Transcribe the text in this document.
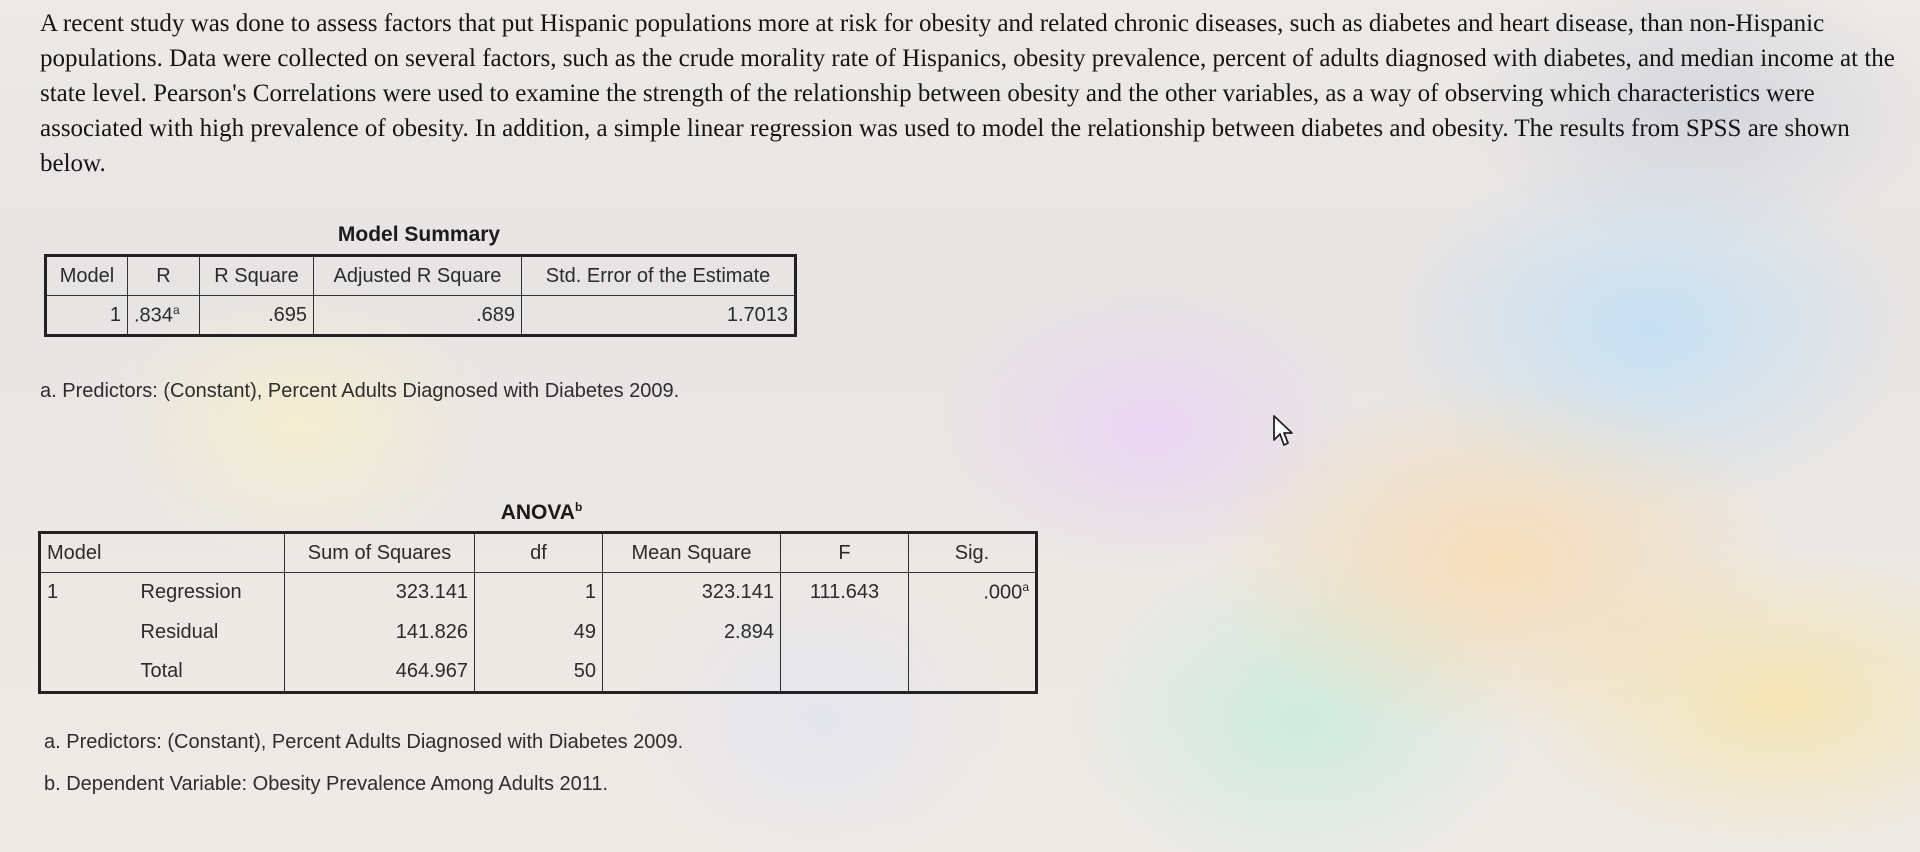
A recent study was done to assess factors that put Hispanic populations more at risk for obesity and related chronic diseases, such as diabetes and heart disease, than non-Hispanic populations. Data were collected on several factors, such as the crude morality rate of Hispanics, obesity prevalence, percent of adults diagnosed with diabetes, and median income at the state level. Pearson's Correlations were used to examine the strength of the relationship between obesity and the other variables, as a way of observing which characteristics were associated with high prevalence of obesity. In addition, a simple linear regression was used to model the relationship between diabetes and obesity. The results from SPSS are shown below.

Model Summary
Model	R	R Square	Adjusted R Square	Std. Error of the Estimate
1	.834$^a$	.695	.689	1.7013
a. Predictors: (Constant), Percent Adults Diagnosed with Diabetes 2009.
ANOVA$^b$
Model		Sum of Squares	df	Mean Square	F	Sig.
1	Regression	323.141	1	323.141	111.643	.000$^a$
	Residual	141.826	49	2.894		
	Total	464.967	50			
a. Predictors: (Constant), Percent Adults Diagnosed with Diabetes 2009.
b. Dependent Variable: Obesity Prevalence Among Adults 2011.
